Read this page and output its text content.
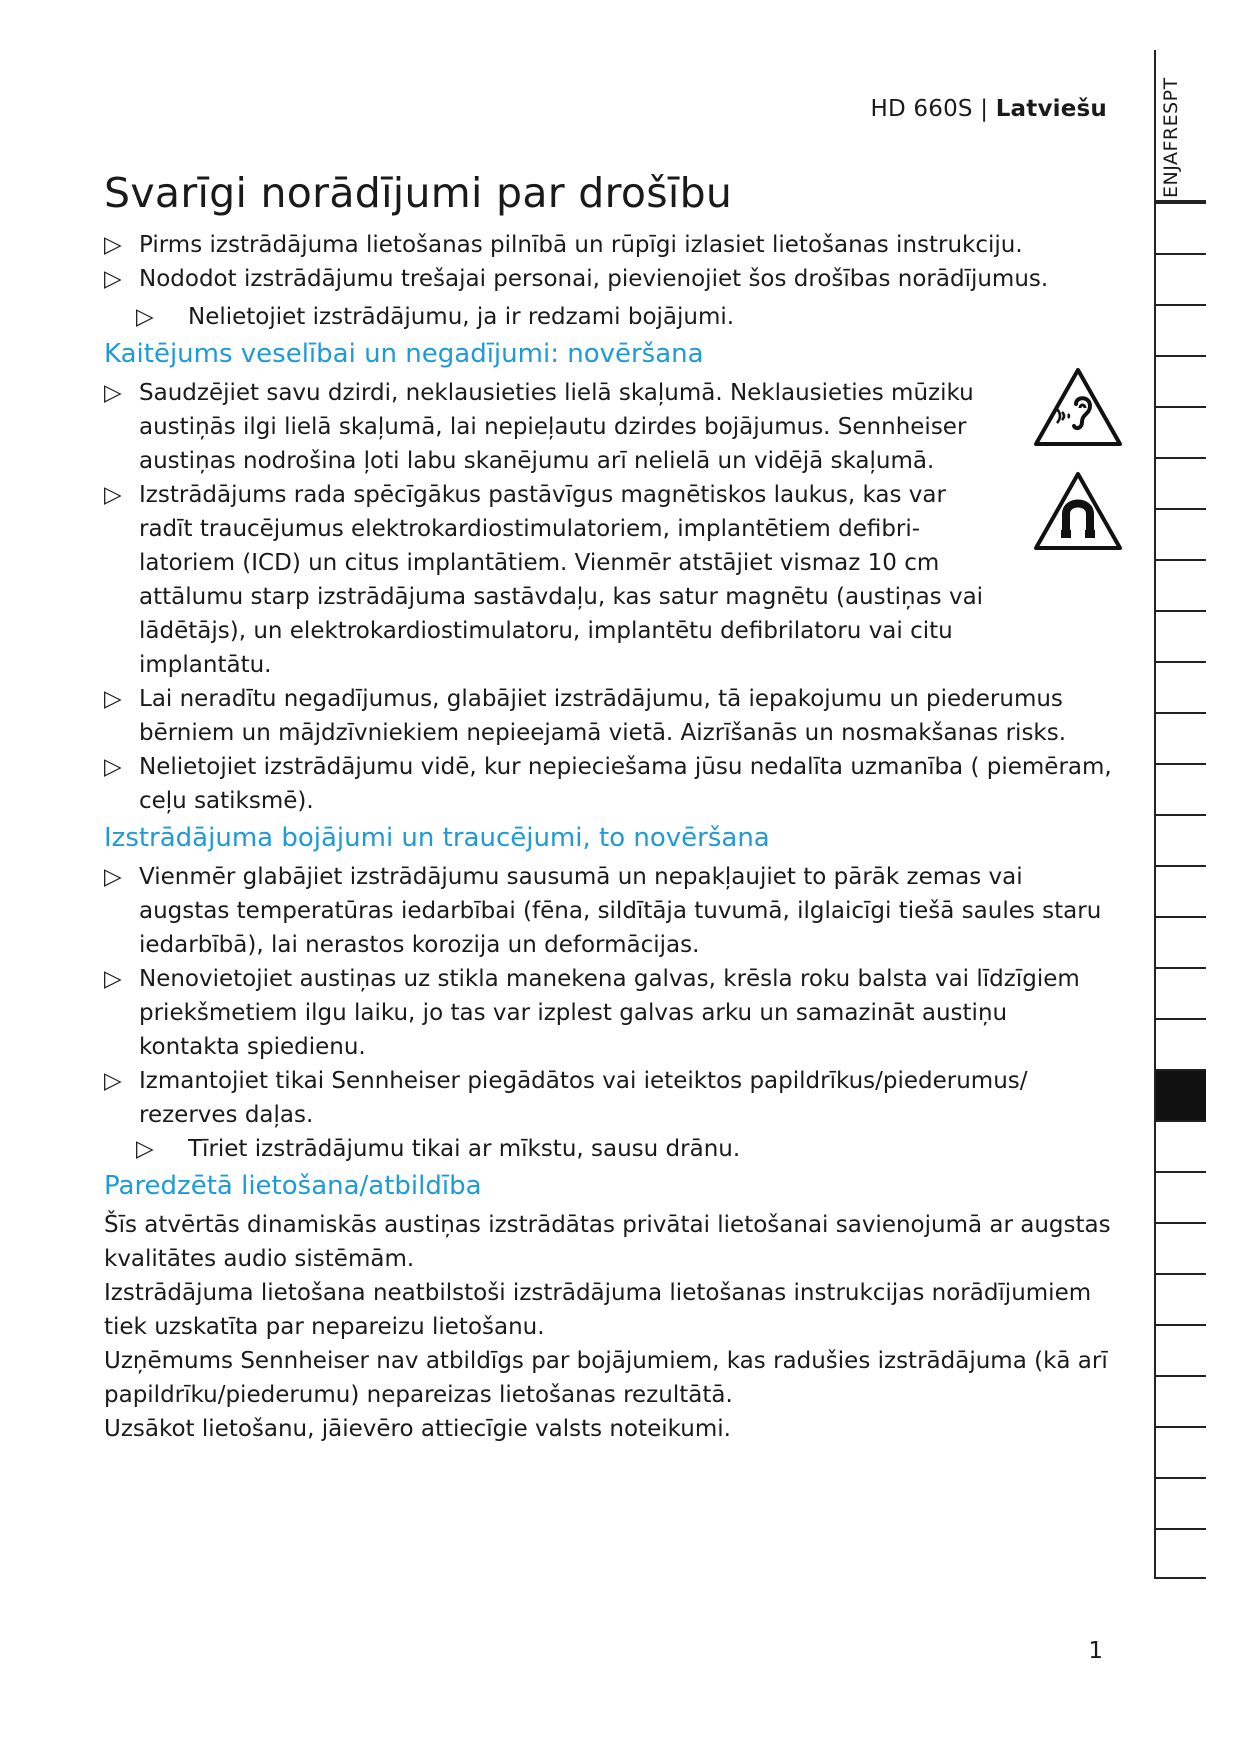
HD 660S | Latviešu	ENJAFRESPT
Svarīgi norādījumi par drošību
▷ Pirms izstrādājuma lietošanas pilnībā un rūpīgi izlasiet lietošanas instrukciju.
▷ Nododot izstrādājumu trešajai personai, pievienojiet šos drošības norādījumus.
▷ Nelietojiet izstrādājumu, ja ir redzami bojājumi.
Kaitējums veselībai un negadījumi: novēršana
▷ Saudzējiet savu dzirdi, neklausieties lielā skaļumā. Neklausieties mūziku austiņās ilgi lielā skaļumā, lai nepieļautu dzirdes bojājumus. Sennheiser austiņas nodrošina ļoti labu skanējumu arī nelielā un vidējā skaļumā.
▷ Izstrādājums rada spēcīgākus pastāvīgus magnētiskos laukus, kas var radīt traucējumus elektrokardiostimulatoriem, implantētiem defibrilatoriem (ICD) un citus implantātiem. Vienmēr atstājiet vismaz 10 cm attālumu starp izstrādājuma sastāvdaļu, kas satur magnētu (austiņas vai lādētājs), un elektrokardiostimulatoru, implantētu defibrilatoru vai citu implantātu.
▷ Lai neradītu negadījumus, glabājiet izstrādājumu, tā iepakojumu un piederumus bērniem un mājdzīvniekiem nepieejamā vietā. Aizrīšanās un nosmakšanas risks.
▷ Nelietojiet izstrādājumu vidē, kur nepieciešama jūsu nedalīta uzmanība ( piemēram, ceļu satiksmē).
Izstrādājuma bojājumi un traucējumi, to novēršana
▷ Vienmēr glabājiet izstrādājumu sausumā un nepakļaujiet to pārāk zemas vai augstas temperatūras iedarbībai (fēna, sildītāja tuvumā, ilglaicīgi tiešā saules staru iedarbībā), lai nerastos korozija un deformācijas.
▷ Nenovietojiet austiņas uz stikla manekena galvas, krēsla roku balsta vai līdzīgiem priekšmetiem ilgu laiku, jo tas var izplest galvas arku un samazināt austiņu kontakta spiedienu.
▷ Izmantojiet tikai Sennheiser piegādātos vai ieteiktos papildrīkus/piederumus/ rezerves daļas.
▷ Tīriet izstrādājumu tikai ar mīkstu, sausu drānu.
Paredzētā lietošana/atbildība

Šīs atvērtās dinamiskās austiņas izstrādātas privātai lietošanai savienojumā ar augstas kvalitātes audio sistēmām.

Izstrādājuma lietošana neatbilstoši izstrādājuma lietošanas instrukcijas norādījumiem tiek uzskatīta par nepareizu lietošanu.

Uzņēmums Sennheiser nav atbildīgs par bojājumiem, kas radušies izstrādājuma (kā arī papildrīku/piederumu) nepareizas lietošanas rezultātā.

Uzsākot lietošanu, jāievēro attiecīgie valsts noteikumi.

1
